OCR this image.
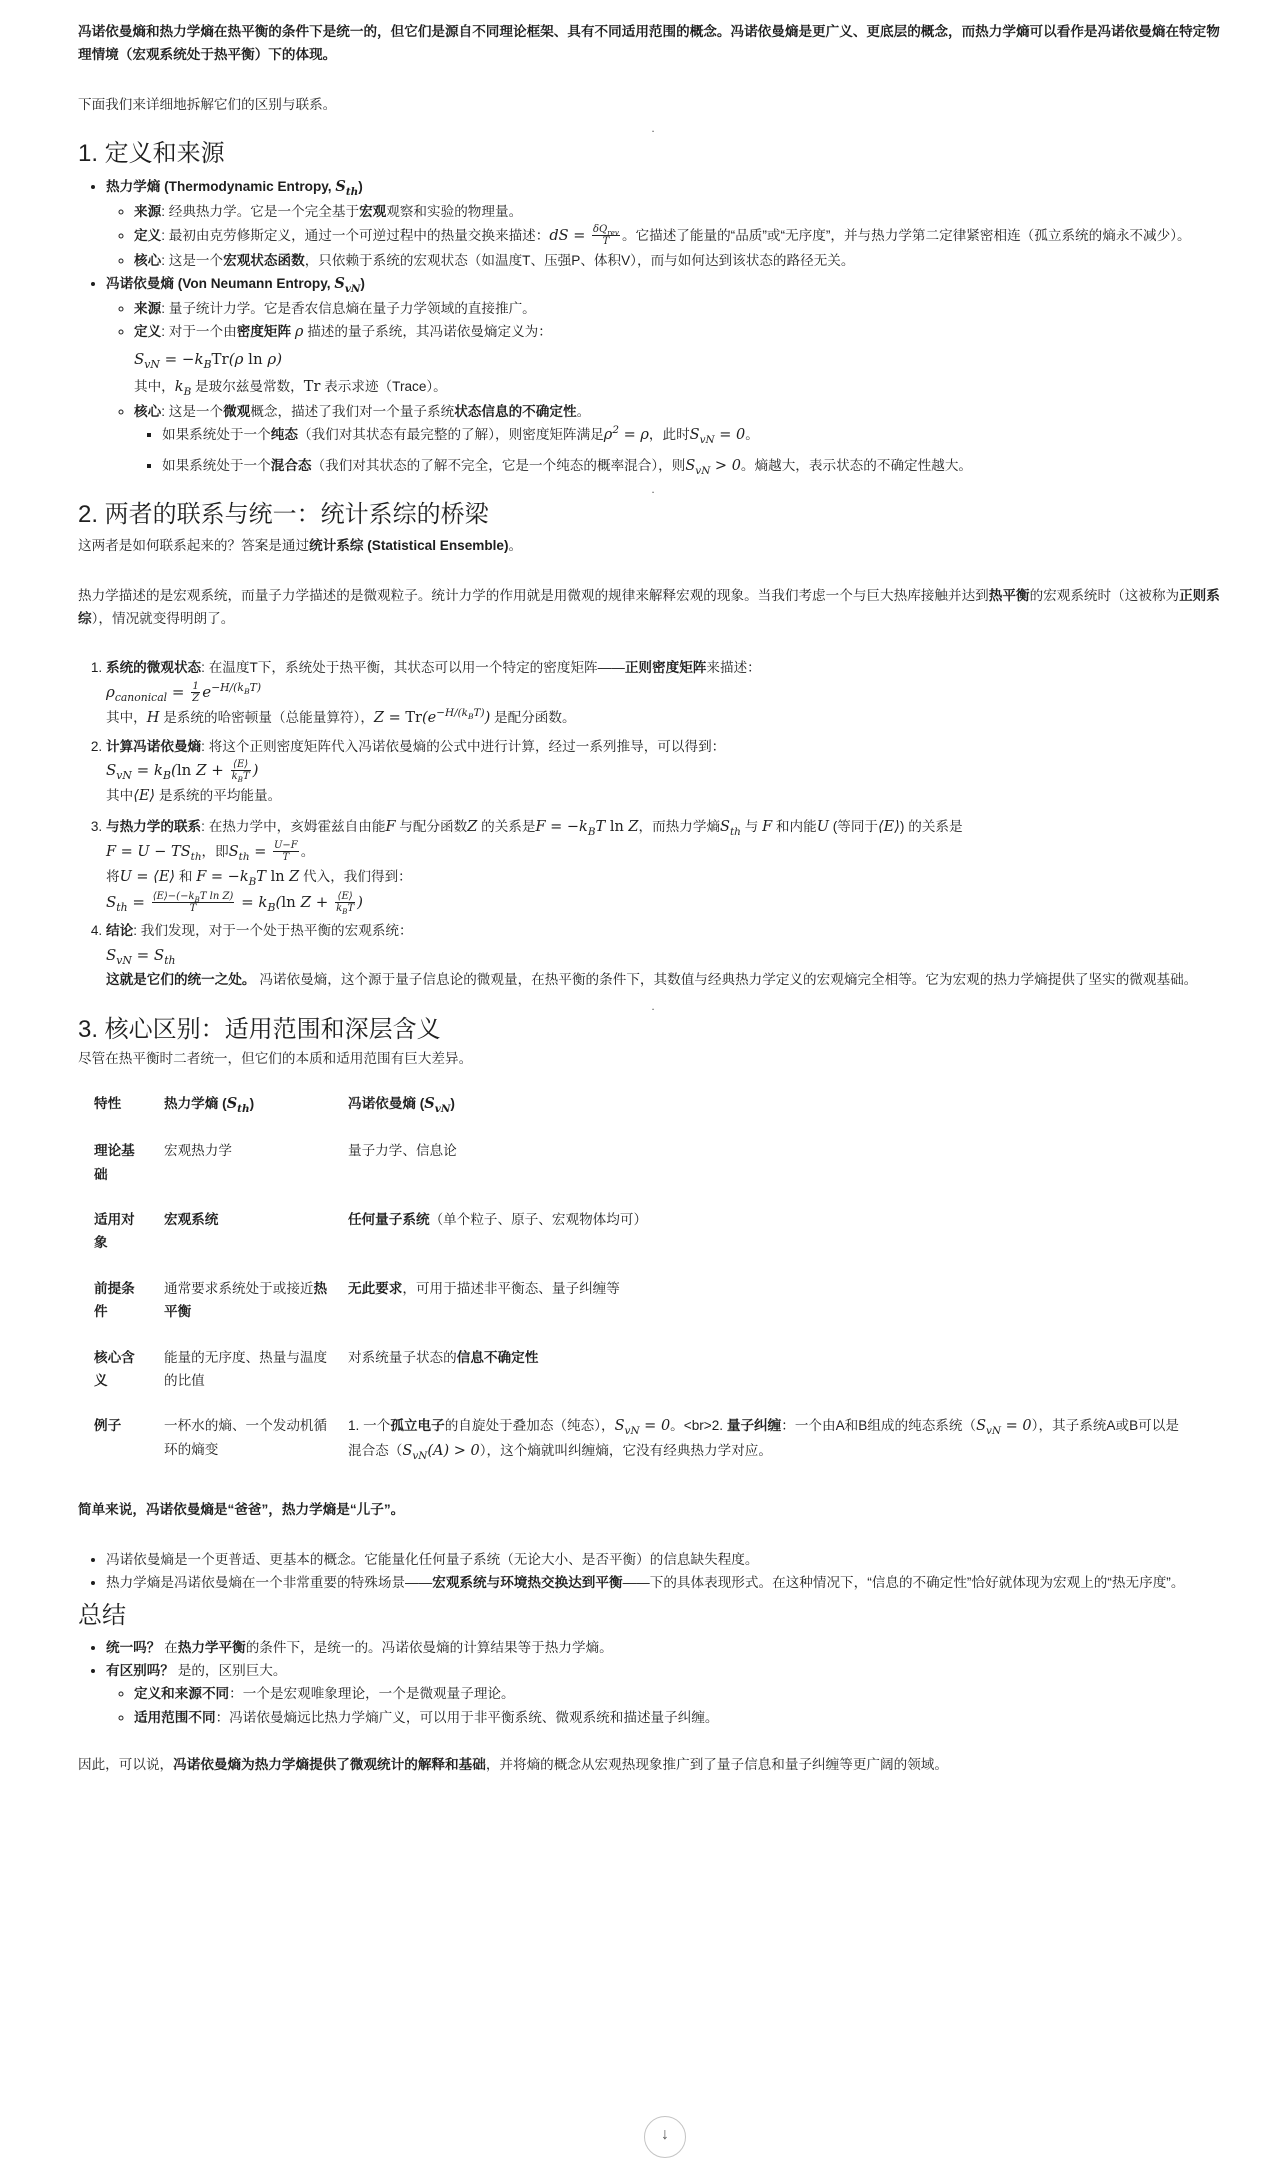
冯诺依曼熵和热力学熵在热平衡的条件下是统一的，但它们是源自不同理论框架、具有不同适用范围的概念。冯诺依曼熵是更广义、更底层的概念，而热力学熵可以看作是冯诺依曼熵在特定物理情境（宏观系统处于热平衡）下的体现。

下面我们来详细地拆解它们的区别与联系。

.
1. 定义和来源
• 热力学熵 (Thermodynamic Entropy, $S_{th}$)
◦ 来源: 经典热力学。它是一个完全基于宏观观察和实验的物理量。
◦ 定义: 最初由克劳修斯定义，通过一个可逆过程中的热量交换来描述：dS = $\frac{\delta Q_{rev}}{T}$ 。它描述了能量的“品质”或“无序度”，并与热力学第二定律紧密相连（孤立系统的熵永不减少）。
◦ 核心: 这是一个宏观状态函数，只依赖于系统的宏观状态（如温度T、压强P、体积V），而与如何达到该状态的路径无关。
• 冯诺依曼熵 (Von Neumann Entropy, $S_{vN}$)
◦ 来源: 量子统计力学。它是香农信息熵在量子力学领域的直接推广。
◦ 定义: 对于一个由密度矩阵 ρ 描述的量子系统，其冯诺依曼熵定义为：
$S_{vN} = -k_BTr(\rho$ ln ρ)
其中，$k_B$ 是玻尔兹曼常数，Tr 表示求迹（Trace）。
◦ 核心: 这是一个微观概念，描述了我们对一个量子系统状态信息的不确定性。
▪ 如果系统处于一个纯态（我们对其状态有最完整的了解），则密度矩阵满足$\rho^2 = \rho$，此时$S_{vN} = 0$。
▪ 如果系统处于一个混合态（我们对其状态的了解不完全，它是一个纯态的概率混合），则$S_{vN} > 0$。熵越大，表示状态的不确定性越大。
.
2. 两者的联系与统一：统计系综的桥梁

这两者是如何联系起来的？答案是通过统计系综 (Statistical Ensemble)。

热力学描述的是宏观系统，而量子力学描述的是微观粒子。统计力学的作用就是用微观的规律来解释宏观的现象。当我们考虑一个与巨大热库接触并达到热平衡的宏观系统时（这被称为正则系综），情况就变得明朗了。

1. 系统的微观状态: 在温度T下，系统处于热平衡，其状态可以用一个特定的密度矩阵——正则密度矩阵来描述：
$\rho_{canonical} = \frac{1}{Z} e^{-H/(k_BT)}$
其中，H 是系统的哈密顿量（总能量算符），$Z = Tr(e^{-H/(k_BT)})$ 是配分函数。
2. 计算冯诺依曼熵: 将这个正则密度矩阵代入冯诺依曼熵的公式中进行计算，经过一系列推导，可以得到：
$S_{vN} = k_B(\ln$ $Z + \frac{⟨E⟩}{k_BT}$ )
其中⟨E⟩ 是系统的平均能量。
3. 与热力学的联系: 在热力学中，亥姆霍兹自由能F 与配分函数Z 的关系是$F = -k_BT$ ln Z，而热力学熵$S_{th}$ 与 F 和内能U (等同于⟨E⟩) 的关系是
$F = U - TS_{th}$，即$S_{th} = \frac{U-F}{T}$ 。
将U = ⟨E⟩ 和 $F = -k_BT$ ln Z 代入，我们得到：
$S_{th} = \frac{⟨E⟩-(-k_BT \ln Z)}{T} = k_B(\ln$ $Z + \frac{⟨E⟩}{k_BT}$ )
4. 结论: 我们发现，对于一个处于热平衡的宏观系统：
$S_{vN} = S_{th}$
这就是它们的统一之处。 冯诺依曼熵，这个源于量子信息论的微观量，在热平衡的条件下，其数值与经典热力学定义的宏观熵完全相等。它为宏观的热力学熵提供了坚实的微观基础。
.
3. 核心区别：适用范围和深层含义

尽管在热平衡时二者统一，但它们的本质和适用范围有巨大差异。

特性	热力学熵 $(S_{th})$	冯诺依曼熵 $(S_{vN})$
理论基础	宏观热力学	量子力学、信息论
适用对象	宏观系统	任何量子系统（单个粒子、原子、宏观物体均可）
前提条件	通常要求系统处于或接近热平衡	无此要求，可用于描述非平衡态、量子纠缠等
核心含义	能量的无序度、热量与温度的比值	对系统量子状态的信息不确定性
例子	一杯水的熵、一个发动机循环的熵变	1. 一个孤立电子的自旋处于叠加态（纯态），$S_{vN} = 0$。<br>2. 量子纠缠：一个由A和B组成的纯态系统$(S_{vN} = 0)$，其子系统A或B可以是混合态$(S_{vN}(A) > 0)$，这个熵就叫纠缠熵，它没有经典热力学对应。

简单来说，冯诺依曼熵是“爸爸”，热力学熵是“儿子”。

• 冯诺依曼熵是一个更普适、更基本的概念。它能量化任何量子系统（无论大小、是否平衡）的信息缺失程度。
• 热力学熵是冯诺依曼熵在一个非常重要的特殊场景——宏观系统与环境热交换达到平衡——下的具体表现形式。在这种情况下，“信息的不确定性”恰好就体现为宏观上的“热无序度”。
总结
• 统一吗？ 在热力学平衡的条件下，是统一的。冯诺依曼熵的计算结果等于热力学熵。
• 有区别吗？ 是的，区别巨大。
◦ 定义和来源不同：一个是宏观唯象理论，一个是微观量子理论。
◦ 适用范围不同：冯诺依曼熵远比热力学熵广义，可以用于非平衡系统、微观系统和描述量子纠缠。

因此，可以说，冯诺依曼熵为热力学熵提供了微观统计的解释和基础，并将熵的概念从宏观热现象推广到了量子信息和量子纠缠等更广阔的领域。

↓
